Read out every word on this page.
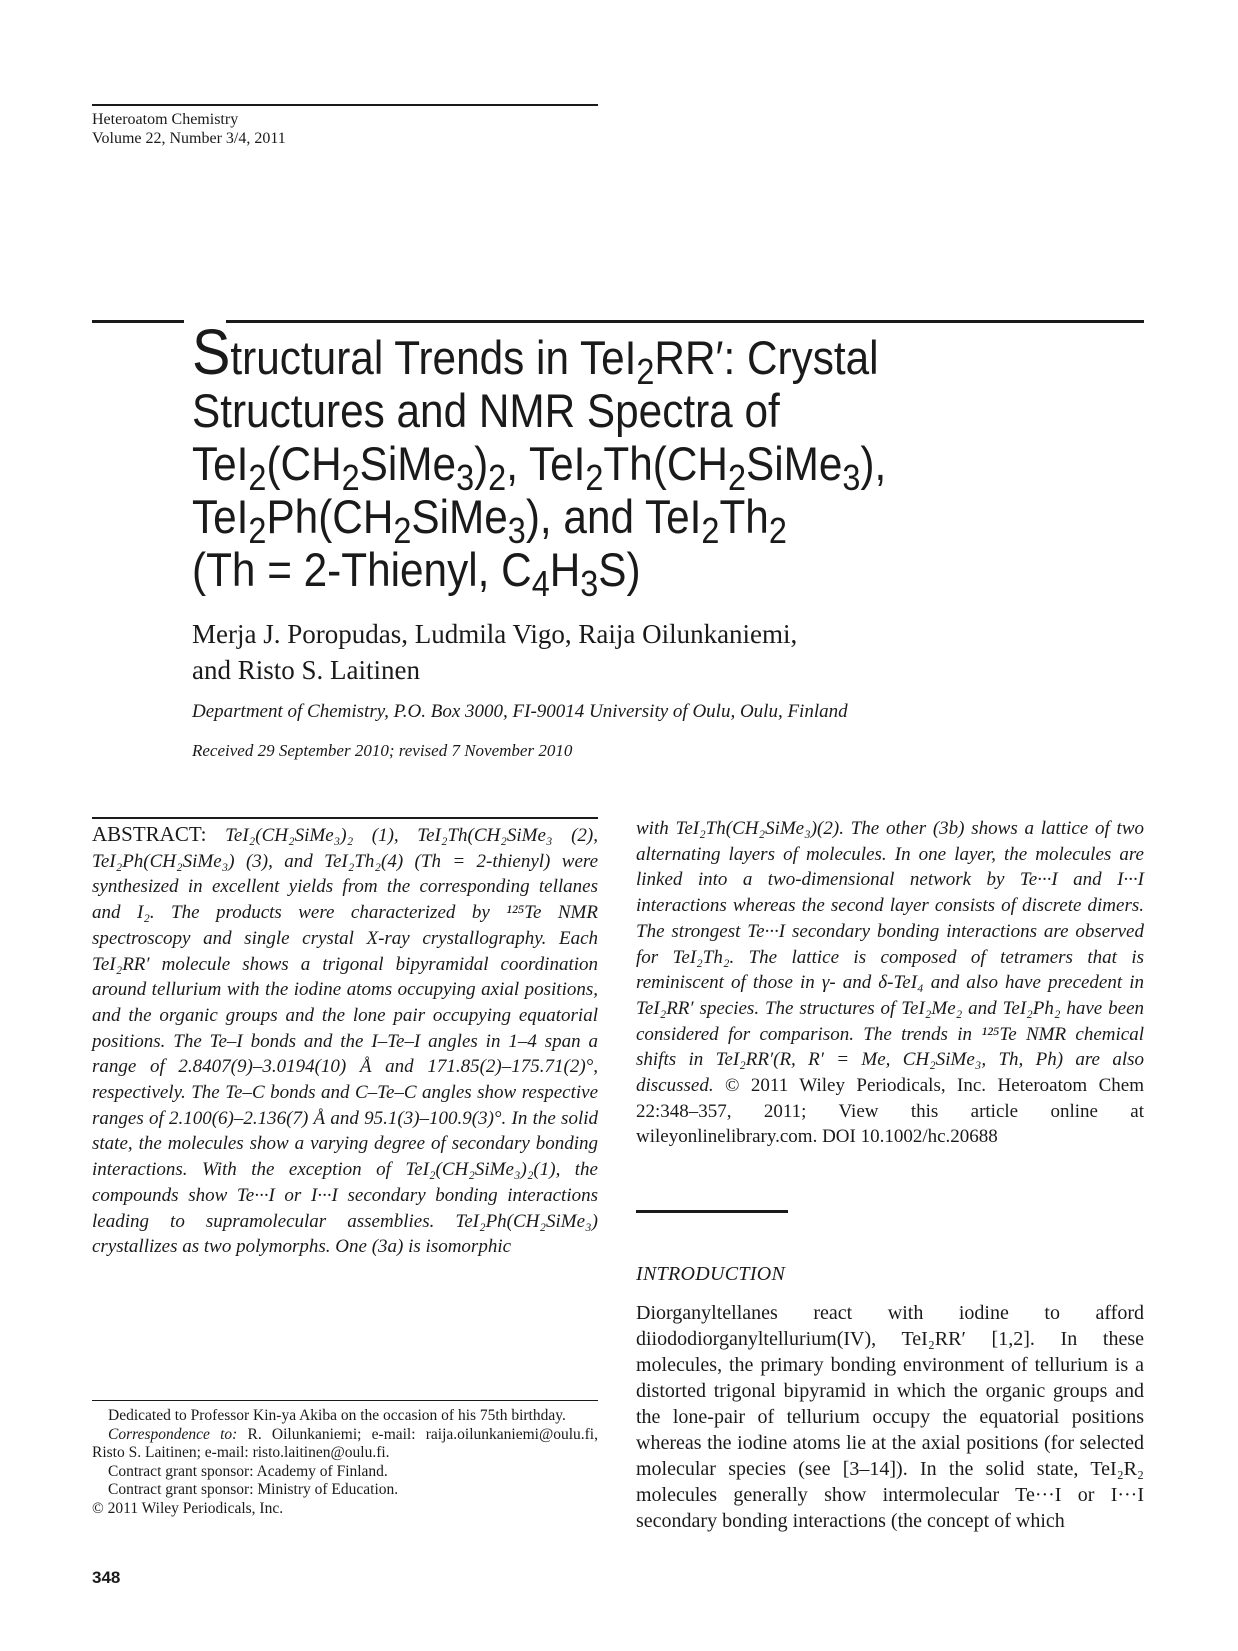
Heteroatom Chemistry
Volume 22, Number 3/4, 2011
Structural Trends in TeI$_2$RR′: Crystal
Structures and NMR Spectra of
$TeI_2(CH_2SiMe_3)_2$, $TeI_2Th(CH_2SiMe_3)$,
$TeI_2Ph(CH_2SiMe_3)$, and $TeI_2Th_2$
(Th = 2-Thienyl, $C_4H_3S$)
Merja J. Poropudas, Ludmila Vigo, Raija Oilunkaniemi,
and Risto S. Laitinen
Department of Chemistry, P.O. Box 3000, FI-90014 University of Oulu, Oulu, Finland
Received 29 September 2010; revised 7 November 2010
ABSTRACT: TeI₂(CH₂SiMe₃)₂ (1), TeI₂Th(CH₂SiMe₃ (2), TeI₂Ph(CH₂SiMe₃) (3), and TeI₂Th₂(4) (Th = 2-thienyl) were synthesized in excellent yields from the corresponding tellanes and I₂. The products were characterized by ¹²⁵Te NMR spectroscopy and single crystal X-ray crystallography. Each TeI₂RR′ molecule shows a trigonal bipyramidal coordination around tellurium with the iodine atoms occupying axial positions, and the organic groups and the lone pair occupying equatorial positions. The Te–I bonds and the I–Te–I angles in 1–4 span a range of 2.8407(9)–3.0194(10) Å and 171.85(2)–175.71(2)°, respectively. The Te–C bonds and C–Te–C angles show respective ranges of 2.100(6)–2.136(7) Å and 95.1(3)–100.9(3)°. In the solid state, the molecules show a varying degree of secondary bonding interactions. With the exception of TeI₂(CH₂SiMe₃)₂(1), the compounds show Te···I or I···I secondary bonding interactions leading to supramolecular assemblies. TeI₂Ph(CH₂SiMe₃) crystallizes as two polymorphs. One (3a) is isomorphic
with TeI₂Th(CH₂SiMe₃)(2). The other (3b) shows a lattice of two alternating layers of molecules. In one layer, the molecules are linked into a two-dimensional network by Te···I and I···I interactions whereas the second layer consists of discrete dimers. The strongest Te···I secondary bonding interactions are observed for TeI₂Th₂. The lattice is composed of tetramers that is reminiscent of those in γ- and δ-TeI₄ and also have precedent in TeI₂RR′ species. The structures of TeI₂Me₂ and TeI₂Ph₂ have been considered for comparison. The trends in ¹²⁵Te NMR chemical shifts in TeI₂RR′(R, R′ = Me, CH₂SiMe₃, Th, Ph) are also discussed. © 2011 Wiley Periodicals, Inc. Heteroatom Chem 22:348–357, 2011; View this article online at wileyonlinelibrary.com. DOI 10.1002/hc.20688
INTRODUCTION
Diorganyltellanes react with iodine to afford diiododiorganyltellurium(IV), TeI₂RR′ [1,2]. In these molecules, the primary bonding environment of tellurium is a distorted trigonal bipyramid in which the organic groups and the lone-pair of tellurium occupy the equatorial positions whereas the iodine atoms lie at the axial positions (for selected molecular species (see [3–14]). In the solid state, TeI₂R₂ molecules generally show intermolecular Te···I or I···I secondary bonding interactions (the concept of which

Dedicated to Professor Kin-ya Akiba on the occasion of his 75th birthday.

Correspondence to: R. Oilunkaniemi; e-mail: raija.oilunkaniemi@oulu.fi, Risto S. Laitinen; e-mail: risto.laitinen@oulu.fi.

Contract grant sponsor: Academy of Finland.

Contract grant sponsor: Ministry of Education.

© 2011 Wiley Periodicals, Inc.

348
